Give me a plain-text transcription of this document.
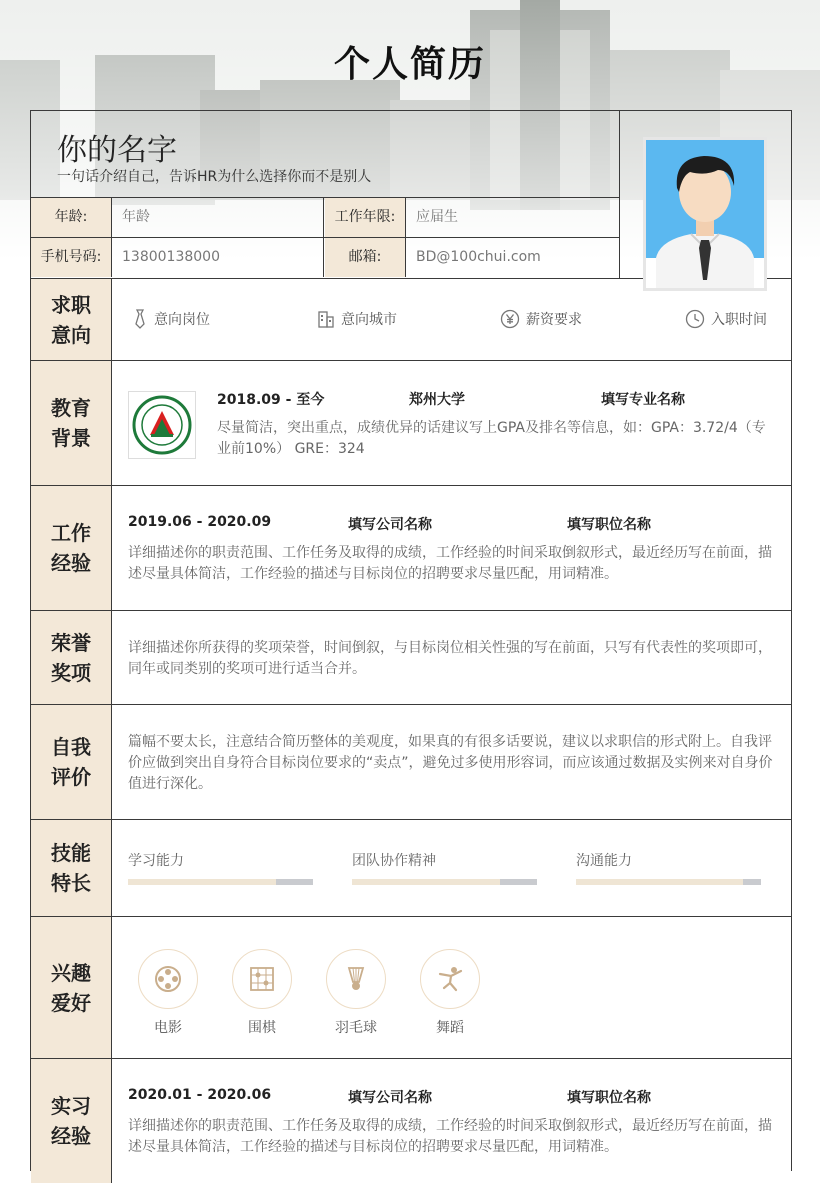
个人简历
你的名字
一句话介绍自己，告诉HR为什么选择你而不是别人
年龄:	年龄	工作年限:	应届生
手机号码:	13800138000	邮箱:	BD@100chui.com
求职意向
意向岗位	意向城市	薪资要求	入职时间
教育背景
2018.09 - 至今	郑州大学	填写专业名称
尽量简洁，突出重点，成绩优异的话建议写上GPA及排名等信息，如：GPA：3.72/4（专业前10%） GRE：324
工作经验
2019.06 - 2020.09	填写公司名称	填写职位名称
详细描述你的职责范围、工作任务及取得的成绩，工作经验的时间采取倒叙形式，最近经历写在前面，描述尽量具体简洁，工作经验的描述与目标岗位的招聘要求尽量匹配，用词精准。
荣誉奖项
详细描述你所获得的奖项荣誉，时间倒叙，与目标岗位相关性强的写在前面，只写有代表性的奖项即可，同年或同类别的奖项可进行适当合并。
自我评价
篇幅不要太长，注意结合简历整体的美观度，如果真的有很多话要说，建议以求职信的形式附上。自我评价应做到突出自身符合目标岗位要求的“卖点”，避免过多使用形容词，而应该通过数据及实例来对自身价值进行深化。
技能特长
学习能力	团队协作精神	沟通能力
兴趣爱好
电影	围棋	羽毛球	舞蹈
实习经验
2020.01 - 2020.06	填写公司名称	填写职位名称
详细描述你的职责范围、工作任务及取得的成绩，工作经验的时间采取倒叙形式，最近经历写在前面，描述尽量具体简洁，工作经验的描述与目标岗位的招聘要求尽量匹配，用词精准。
